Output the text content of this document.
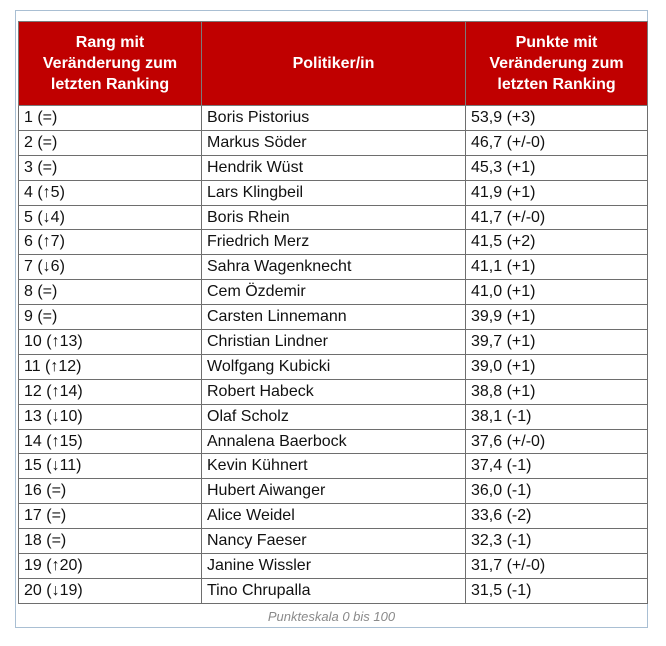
Rang mit Veränderung zum letzten Ranking	Politiker/in	Punkte mit Veränderung zum letzten Ranking
1 (=)	Boris Pistorius	53,9 (+3)
2 (=)	Markus Söder	46,7 (+/-0)
3 (=)	Hendrik Wüst	45,3 (+1)
4 (↑5)	Lars Klingbeil	41,9 (+1)
5 (↓4)	Boris Rhein	41,7 (+/-0)
6 (↑7)	Friedrich Merz	41,5 (+2)
7 (↓6)	Sahra Wagenknecht	41,1 (+1)
8 (=)	Cem Özdemir	41,0 (+1)
9 (=)	Carsten Linnemann	39,9 (+1)
10 (↑13)	Christian Lindner	39,7 (+1)
11 (↑12)	Wolfgang Kubicki	39,0 (+1)
12 (↑14)	Robert Habeck	38,8 (+1)
13 (↓10)	Olaf Scholz	38,1 (-1)
14 (↑15)	Annalena Baerbock	37,6 (+/-0)
15 (↓11)	Kevin Kühnert	37,4 (-1)
16 (=)	Hubert Aiwanger	36,0 (-1)
17 (=)	Alice Weidel	33,6 (-2)
18 (=)	Nancy Faeser	32,3 (-1)
19 (↑20)	Janine Wissler	31,7 (+/-0)
20 (↓19)	Tino Chrupalla	31,5 (-1)
Punkteskala 0 bis 100
